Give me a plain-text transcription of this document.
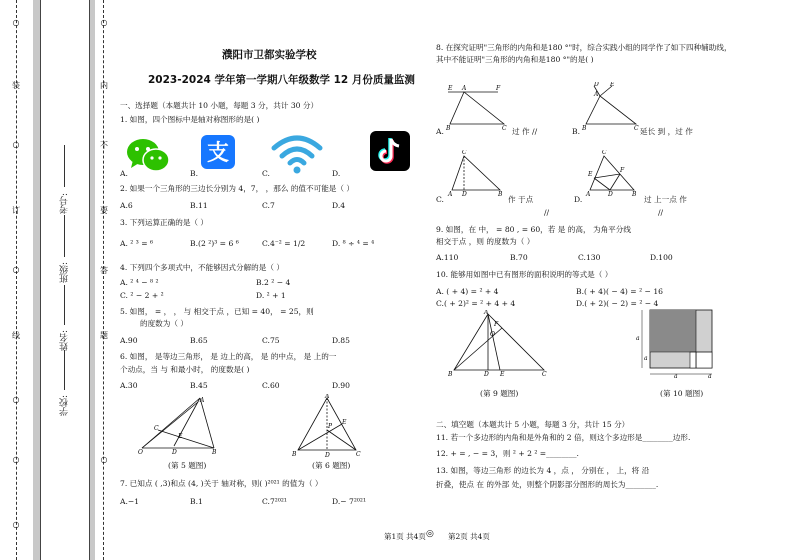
学校:
姓名:
班级:
考号:
○
装
○
订
○
线
○
○
○
○
内
不
要
答
题
○
濮阳市卫都实验学校
2023-2024 学年第一学期八年级数学 12 月份质量监测
一、选择题（本题共计 10 小题，每题 3 分，共计 30 分）
1. 如图，四个图标中是轴对称图形的是( )
A.
支
B.	C.	D.
2. 如果一个三角形的三边长分别为 4，7， ，那么 的值不可能是（ ）
A.6	B.11	C.7	D.4
3. 下列运算正确的是（ ）
A. ² ³ = ⁶	B.(2 ²)³ = 6 ⁶	C.4⁻² = 1/2	D. ⁸ ÷ ⁴ = ⁴
4. 下列四个多项式中，不能够因式分解的是（ ）
A. ² ⁴ − ⁸ ²	B.2 ² − 4
C. ² − 2 + ²	D. ² + 1
5. 如图， = ， ， 与 相交于点 ，已知 = 40， = 25，则
的度数为（ ）
A.90	B.65	C.75	D.85
6. 如图， 是等边三角形， 是 边上的高， 是 的中点， 是 上的一
个动点，当 与 和最小时， 的度数是( )
A.30	B.45	C.60	D.90
A
C
E
O	D	B
(第 5 题图)
A
B	D	C
P
E
(第 6 题图)
7. 已知点 ( ,3)和点 (4, )关于 轴对称，则( )²⁰²¹ 的值为（ ）
A.−1	B.1	C.7²⁰²¹	D.− 7²⁰²¹
8. 在探究证明"三角形的内角和是180 °"时，综合实践小组的同学作了如下四种辅助线，
其中不能证明"三角形的内角和是180 °"的是( )
E A	F
B	C
A.	过 作 //
D E
A
B	C
B.	延长 到 ，过 作
C
A D	B
C.	作 于点
C
E
F
A	D	B
D.	过 上一点 作
//	//
9. 如图，在 中， = 80 , = 60，若 是 的高， 为角平分线
相交于点 ，则 的度数为（ ）
A.110	B.70	C.130	D.100
10. 能够用如图中已有图形的面积说明的等式是（ ）
A. ( + 4) = ² + 4	B.( + 4)( − 4) = ² − 16
C.( + 2)² = ² + 4 + 4	D.( + 2)( − 2) = ² − 4
A
F
O
B	D E	C
(第 9 题图)
a
a
a	a
(第 10 题图)
二、填空题（本题共计 5 小题，每题 3 分，共计 15 分）
11. 若一个多边形的内角和是外角和的 2 倍，则这个多边形是________边形.
12. + = , − = 3，则 ² + 2 ² =________.
13. 如图，等边三角形 的边长为 4 ，点 ， 分别在 ， 上，将 沿
折叠，使点 在 的外部 处，则整个阴影部分图形的周长为________.
第1页 共4页 ◎ 第2页 共4页
